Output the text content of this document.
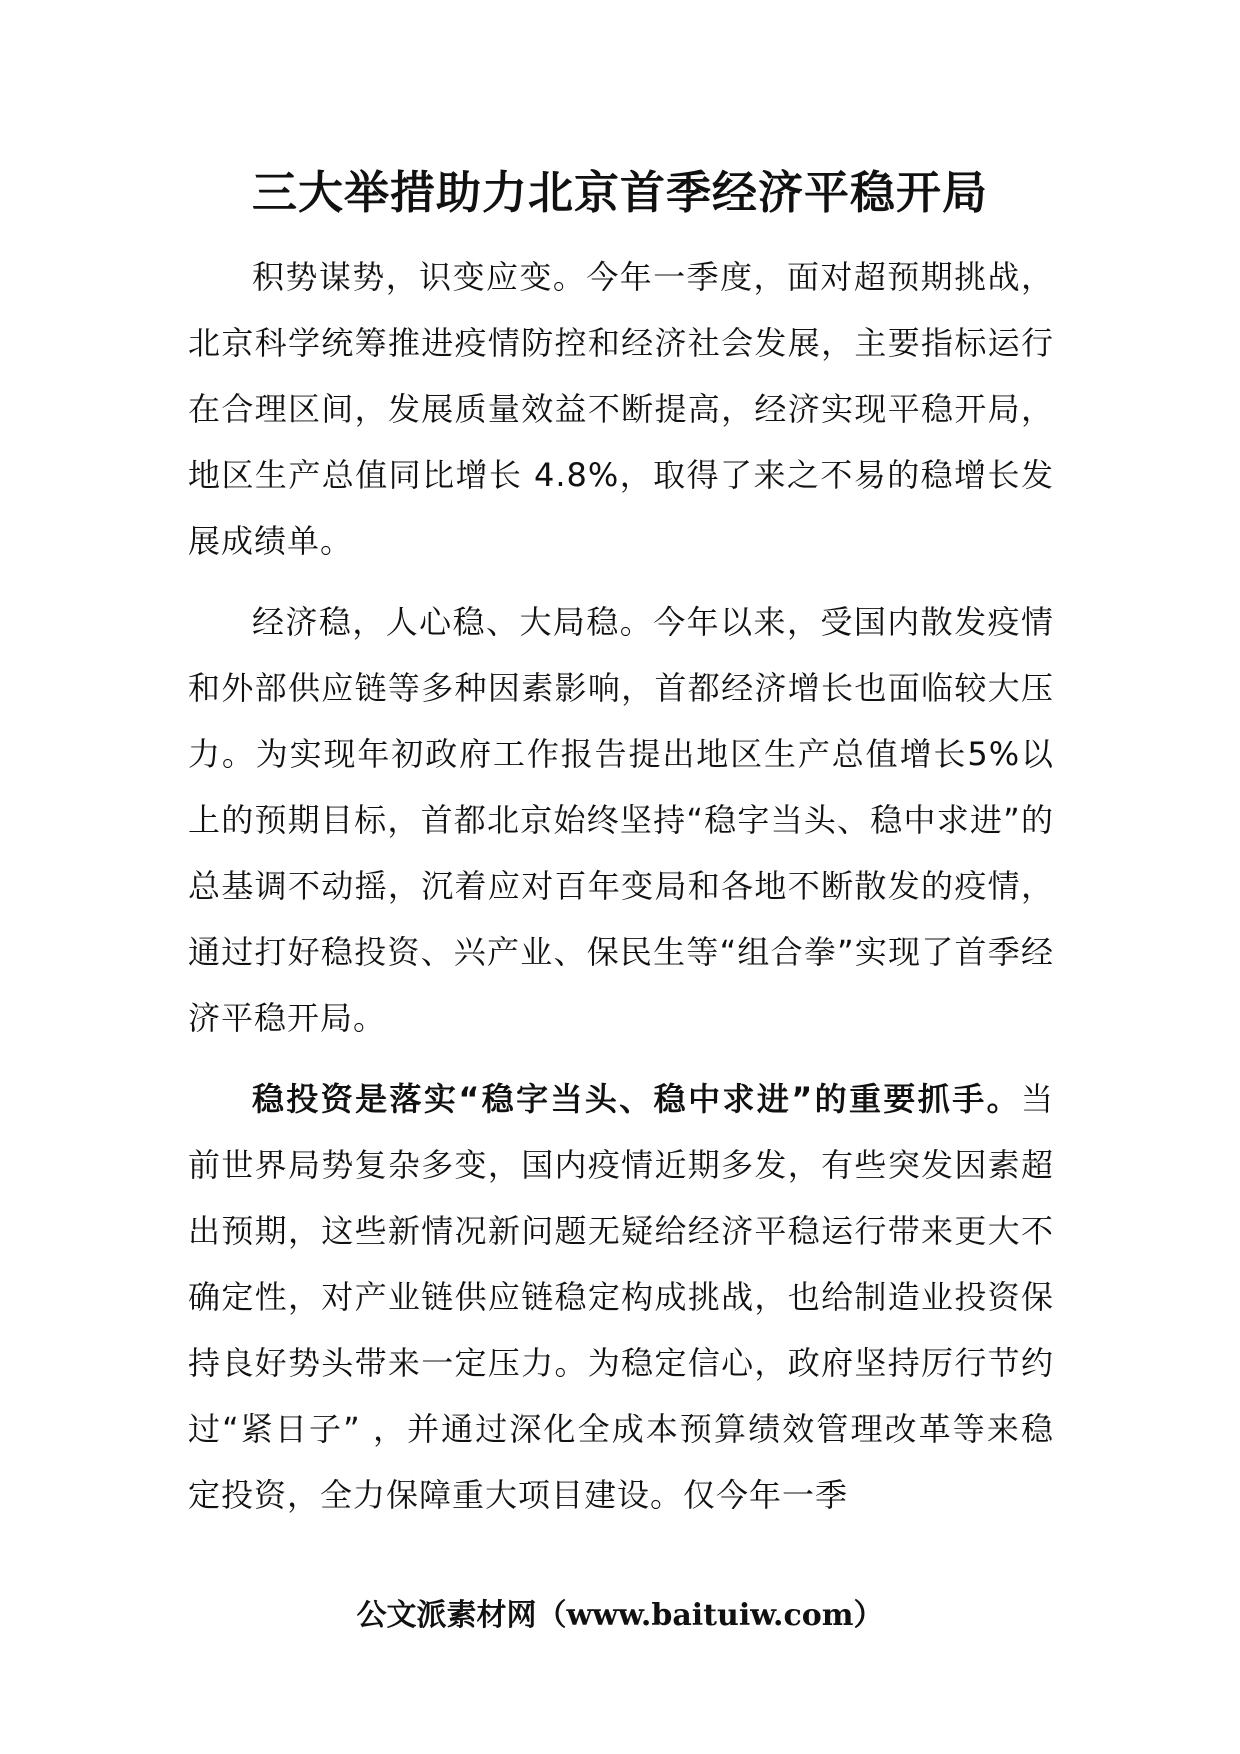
三大举措助力北京首季经济平稳开局

积势谋势，识变应变。今年一季度，面对超预期挑战，北京科学统筹推进疫情防控和经济社会发展，主要指标运行在合理区间，发展质量效益不断提高，经济实现平稳开局，地区生产总值同比增长 4.8%，取得了来之不易的稳增长发展成绩单。

经济稳，人心稳、大局稳。今年以来，受国内散发疫情和外部供应链等多种因素影响，首都经济增长也面临较大压力。为实现年初政府工作报告提出地区生产总值增长5%以上的预期目标，首都北京始终坚持“稳字当头、稳中求进”的总基调不动摇，沉着应对百年变局和各地不断散发的疫情，通过打好稳投资、兴产业、保民生等“组合拳”实现了首季经济平稳开局。

稳投资是落实“稳字当头、稳中求进”的重要抓手。当前世界局势复杂多变，国内疫情近期多发，有些突发因素超出预期，这些新情况新问题无疑给经济平稳运行带来更大不确定性，对产业链供应链稳定构成挑战，也给制造业投资保持良好势头带来一定压力。为稳定信心，政府坚持厉行节约过“紧日子” ，并通过深化全成本预算绩效管理改革等来稳定投资，全力保障重大项目建设。仅今年一季

公文派素材网（www.baituiw.com）
